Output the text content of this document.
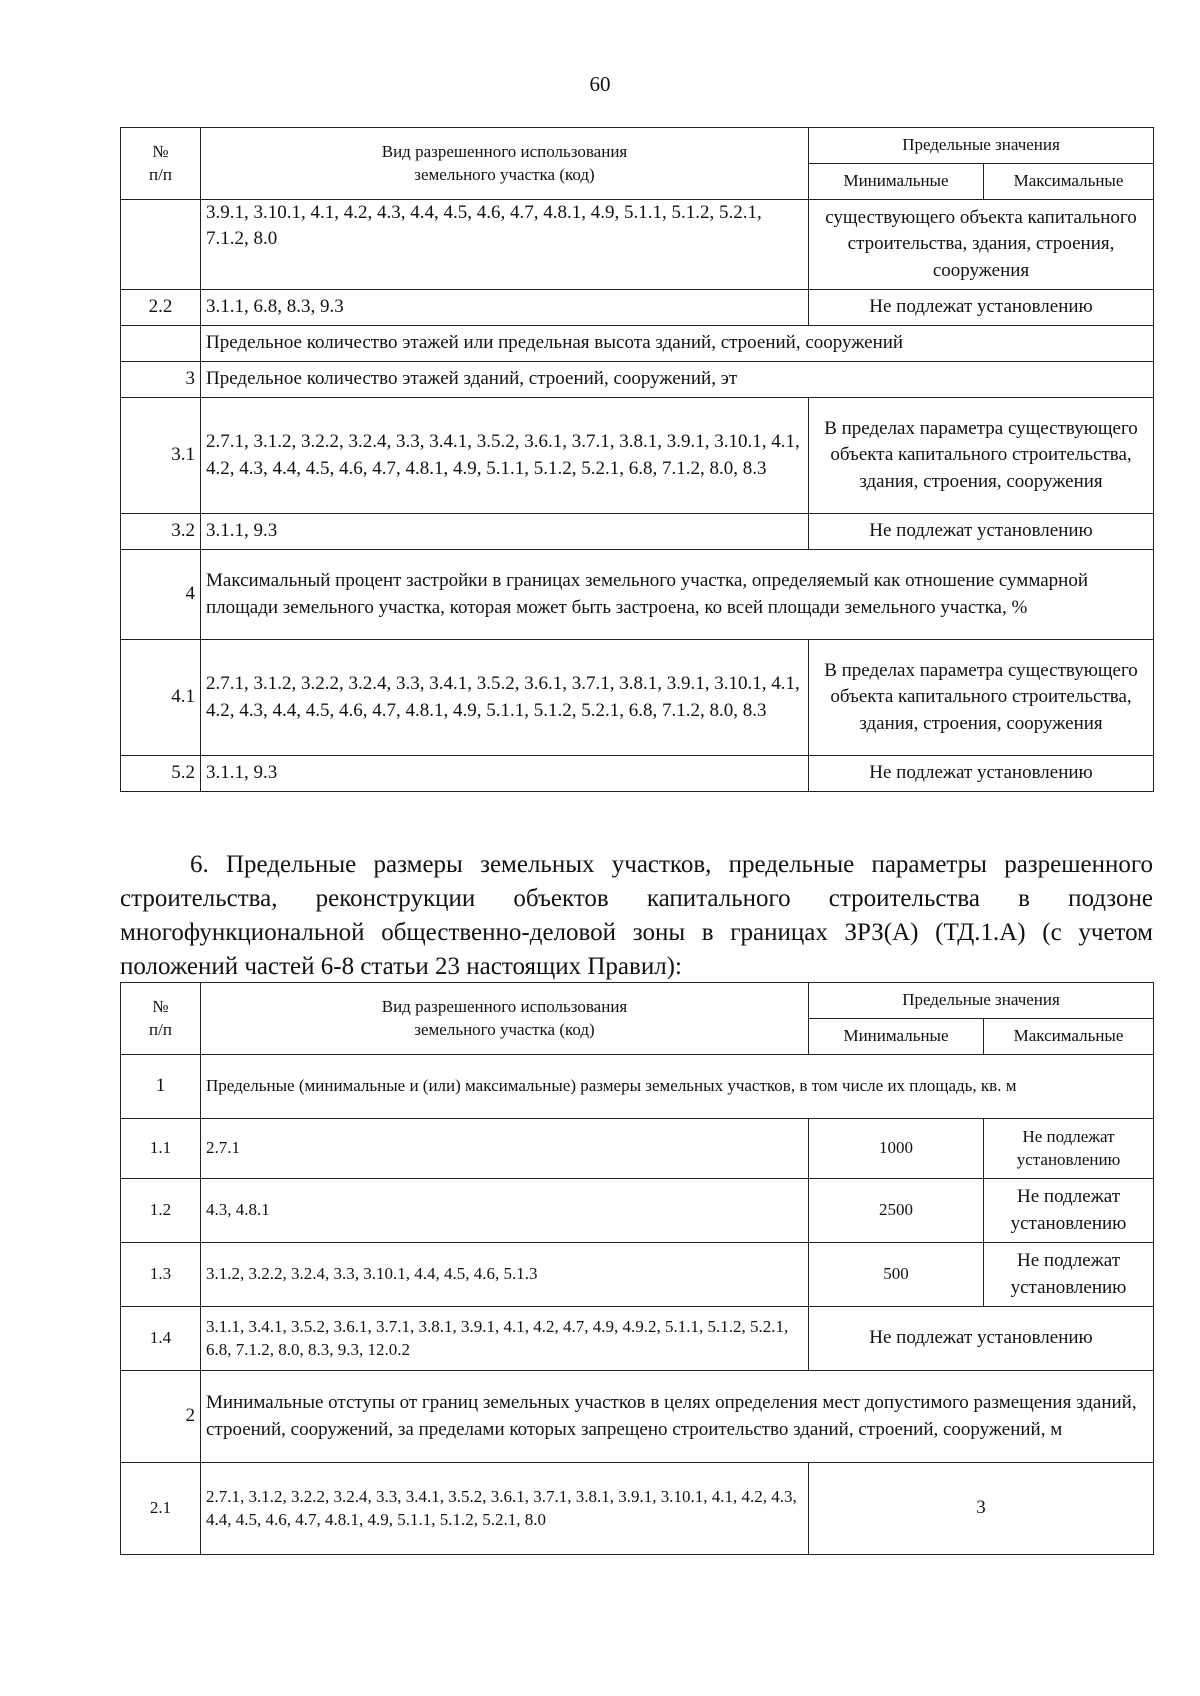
60
№
п/п	Вид разрешенного использования
земельного участка (код)	Предельные значения	
		Минимальные	Максимальные
	3.9.1, 3.10.1, 4.1, 4.2, 4.3, 4.4, 4.5, 4.6, 4.7, 4.8.1, 4.9, 5.1.1, 5.1.2, 5.2.1, 7.1.2, 8.0	существующего объекта капитального строительства, здания, строения, сооружения	
2.2	3.1.1, 6.8, 8.3, 9.3	Не подлежат установлению	
	Предельное количество этажей или предельная высота зданий, строений, сооружений		
3	Предельное количество этажей зданий, строений, сооружений, эт		
3.1	2.7.1, 3.1.2, 3.2.2, 3.2.4, 3.3, 3.4.1, 3.5.2, 3.6.1, 3.7.1, 3.8.1, 3.9.1, 3.10.1, 4.1, 4.2, 4.3, 4.4, 4.5, 4.6, 4.7, 4.8.1, 4.9, 5.1.1, 5.1.2, 5.2.1, 6.8, 7.1.2, 8.0, 8.3	В пределах параметра существующего объекта капитального строительства, здания, строения, сооружения	
3.2	3.1.1, 9.3	Не подлежат установлению	
4	Максимальный процент застройки в границах земельного участка, определяемый как отношение суммарной площади земельного участка, которая может быть застроена, ко всей площади земельного участка, %		
4.1	2.7.1, 3.1.2, 3.2.2, 3.2.4, 3.3, 3.4.1, 3.5.2, 3.6.1, 3.7.1, 3.8.1, 3.9.1, 3.10.1, 4.1, 4.2, 4.3, 4.4, 4.5, 4.6, 4.7, 4.8.1, 4.9, 5.1.1, 5.1.2, 5.2.1, 6.8, 7.1.2, 8.0, 8.3	В пределах параметра существующего объекта капитального строительства, здания, строения, сооружения	
5.2	3.1.1, 9.3	Не подлежат установлению	
6. Предельные размеры земельных участков, предельные параметры разрешенного строительства, реконструкции объектов капитального строительства в подзоне многофункциональной общественно-деловой зоны в границах ЗРЗ(А) (ТД.1.А) (с учетом положений частей 6-8 статьи 23 настоящих Правил):
№
п/п	Вид разрешенного использования
земельного участка (код)	Предельные значения	
		Минимальные	Максимальные
1	Предельные (минимальные и (или) максимальные) размеры земельных участков, в том числе их площадь, кв. м		
1.1	2.7.1	1000	Не подлежат установлению
1.2	4.3, 4.8.1	2500	Не подлежат установлению
1.3	3.1.2, 3.2.2, 3.2.4, 3.3, 3.10.1, 4.4, 4.5, 4.6, 5.1.3	500	Не подлежат установлению
1.4	3.1.1, 3.4.1, 3.5.2, 3.6.1, 3.7.1, 3.8.1, 3.9.1, 4.1, 4.2, 4.7, 4.9, 4.9.2, 5.1.1, 5.1.2, 5.2.1, 6.8, 7.1.2, 8.0, 8.3, 9.3, 12.0.2	Не подлежат установлению	
2	Минимальные отступы от границ земельных участков в целях определения мест допустимого размещения зданий, строений, сооружений, за пределами которых запрещено строительство зданий, строений, сооружений, м		
2.1	2.7.1, 3.1.2, 3.2.2, 3.2.4, 3.3, 3.4.1, 3.5.2, 3.6.1, 3.7.1, 3.8.1, 3.9.1, 3.10.1, 4.1, 4.2, 4.3, 4.4, 4.5, 4.6, 4.7, 4.8.1, 4.9, 5.1.1, 5.1.2, 5.2.1, 8.0	3	
